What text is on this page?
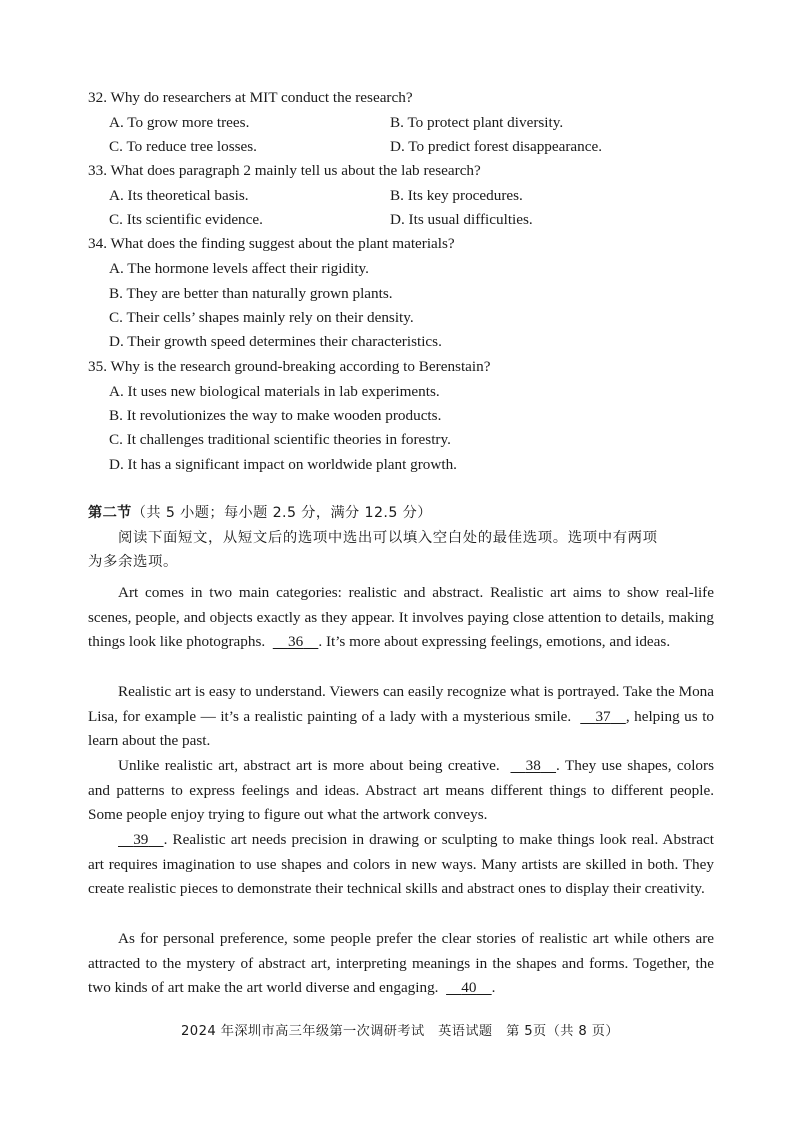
32. Why do researchers at MIT conduct the research?
A. To grow more trees.	B. To protect plant diversity.
C. To reduce tree losses.	D. To predict forest disappearance.
33. What does paragraph 2 mainly tell us about the lab research?
A. Its theoretical basis.	B. Its key procedures.
C. Its scientific evidence.	D. Its usual difficulties.
34. What does the finding suggest about the plant materials?
A. The hormone levels affect their rigidity.
B. They are better than naturally grown plants.
C. Their cells’ shapes mainly rely on their density.
D. Their growth speed determines their characteristics.
35. Why is the research ground-breaking according to Berenstain?
A. It uses new biological materials in lab experiments.
B. It revolutionizes the way to make wooden products.
C. It challenges traditional scientific theories in forestry.
D. It has a significant impact on worldwide plant growth.
第二节（共 5 小题；每小题 2.5 分，满分 12.5 分）
阅读下面短文，从短文后的选项中选出可以填入空白处的最佳选项。选项中有两项
为多余选项。
Art comes in two main categories: realistic and abstract. Realistic art aims to show real-life scenes, people, and objects exactly as they appear. It involves paying close attention to details, making things look like photographs. 36 . It’s more about expressing feelings, emotions, and ideas.
Realistic art is easy to understand. Viewers can easily recognize what is portrayed. Take the Mona Lisa, for example — it’s a realistic painting of a lady with a mysterious smile. 37 , helping us to learn about the past.
Unlike realistic art, abstract art is more about being creative. 38 . They use shapes, colors and patterns to express feelings and ideas. Abstract art means different things to different people. Some people enjoy trying to figure out what the artwork conveys.
39 . Realistic art needs precision in drawing or sculpting to make things look real. Abstract art requires imagination to use shapes and colors in new ways. Many artists are skilled in both. They create realistic pieces to demonstrate their technical skills and abstract ones to display their creativity.
As for personal preference, some people prefer the clear stories of realistic art while others are attracted to the mystery of abstract art, interpreting meanings in the shapes and forms. Together, the two kinds of art make the art world diverse and engaging. 40 .
2024 年深圳市高三年级第一次调研考试　英语试题　第 5页（共 8 页）
